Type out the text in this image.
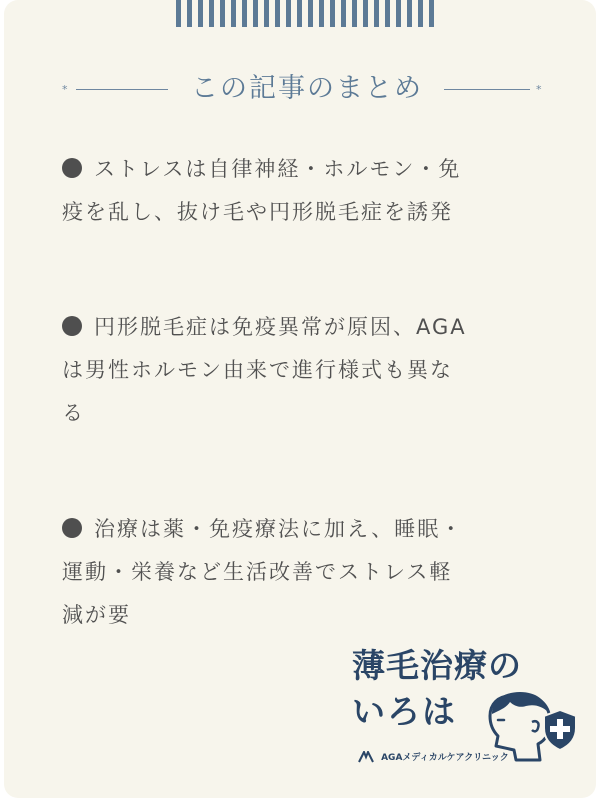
*	この記事のまとめ	*
ストレスは自律神経・ホルモン・免
疫を乱し、抜け毛や円形脱毛症を誘発
円形脱毛症は免疫異常が原因、AGA
は男性ホルモン由来で進行様式も異な
る
治療は薬・免疫療法に加え、睡眠・
運動・栄養など生活改善でストレス軽
減が要
薄毛治療の
いろは
AGAメディカルケアクリニック
